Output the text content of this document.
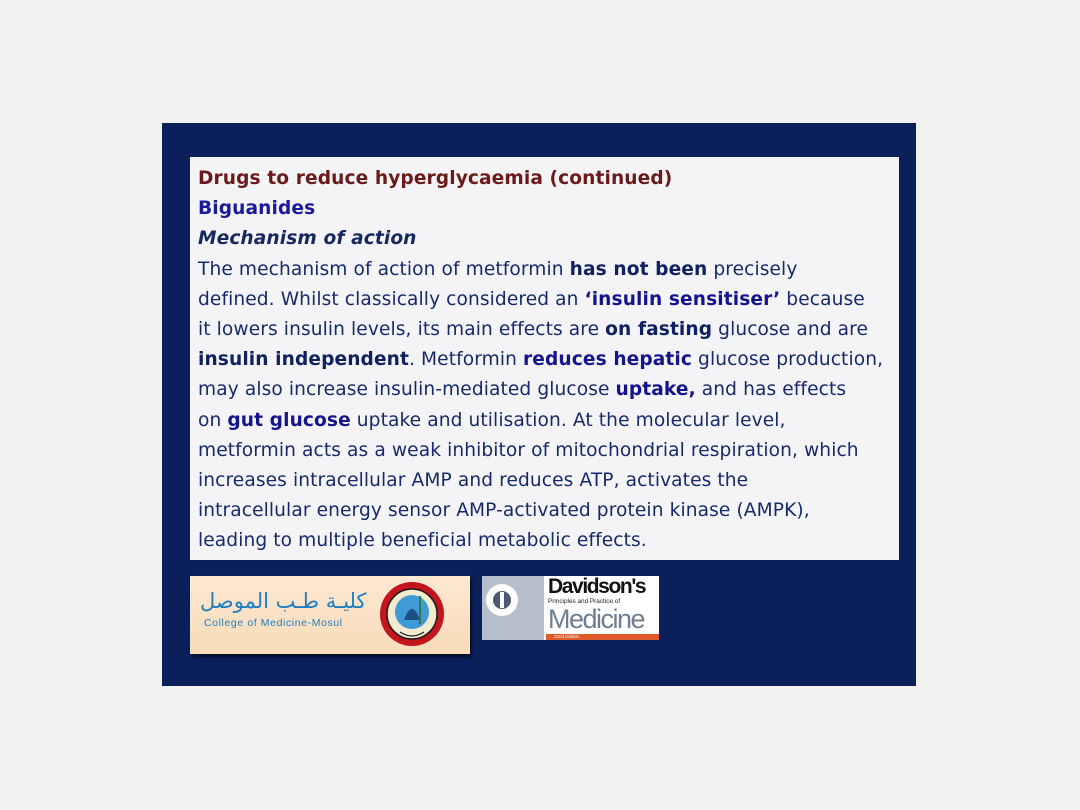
Drugs to reduce hyperglycaemia (continued)
Biguanides
Mechanism of action
The mechanism of action of metformin has not been precisely
defined. Whilst classically considered an ‘insulin sensitiser’ because
it lowers insulin levels, its main effects are on fasting glucose and are
insulin independent. Metformin reduces hepatic glucose production,
may also increase insulin-mediated glucose uptake, and has effects
on gut glucose uptake and utilisation. At the molecular level,
metformin acts as a weak inhibitor of mitochondrial respiration, which
increases intracellular AMP and reduces ATP, activates the
intracellular energy sensor AMP-activated protein kinase (AMPK),
leading to multiple beneficial metabolic effects.
كليـة طـب الموصل
College of Medicine-Mosul
Davidson's
Principles and Practice of
Medicine
22nd Edition
